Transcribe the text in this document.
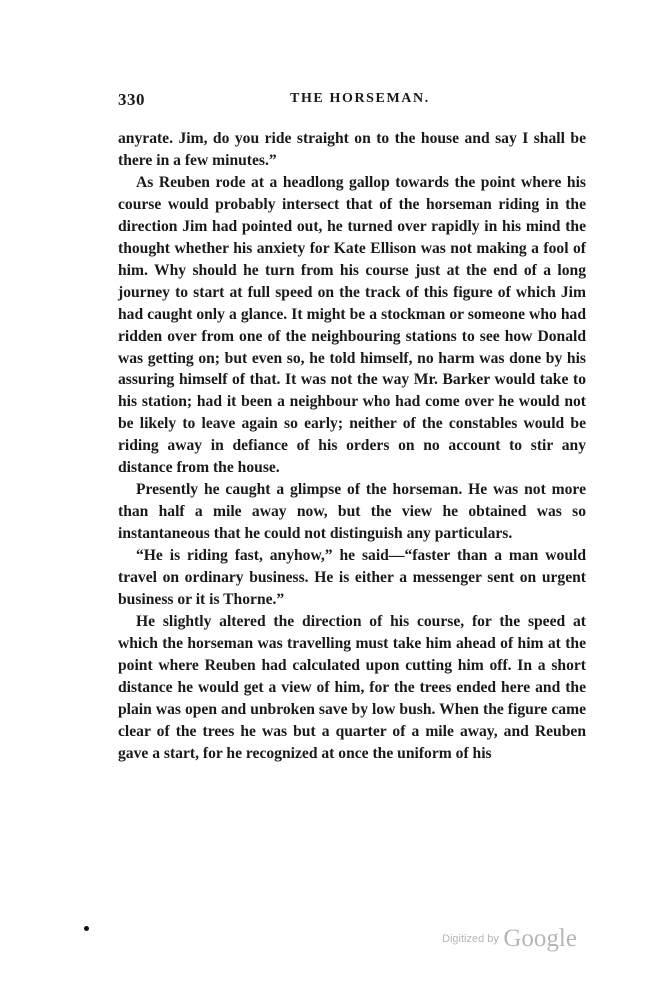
330	THE HORSEMAN.

anyrate. Jim, do you ride straight on to the house and say I shall be there in a few minutes.”

As Reuben rode at a headlong gallop towards the point where his course would probably intersect that of the horseman riding in the direction Jim had pointed out, he turned over rapidly in his mind the thought whether his anxiety for Kate Ellison was not making a fool of him. Why should he turn from his course just at the end of a long journey to start at full speed on the track of this figure of which Jim had caught only a glance. It might be a stockman or someone who had ridden over from one of the neighbouring stations to see how Donald was getting on; but even so, he told himself, no harm was done by his assuring himself of that. It was not the way Mr. Barker would take to his station; had it been a neighbour who had come over he would not be likely to leave again so early; neither of the constables would be riding away in defiance of his orders on no account to stir any distance from the house.

Presently he caught a glimpse of the horseman. He was not more than half a mile away now, but the view he obtained was so instantaneous that he could not distinguish any particulars.

“He is riding fast, anyhow,” he said—“faster than a man would travel on ordinary business. He is either a messenger sent on urgent business or it is Thorne.”

He slightly altered the direction of his course, for the speed at which the horseman was travelling must take him ahead of him at the point where Reuben had calculated upon cutting him off. In a short distance he would get a view of him, for the trees ended here and the plain was open and unbroken save by low bush. When the figure came clear of the trees he was but a quarter of a mile away, and Reuben gave a start, for he recognized at once the uniform of his

Digitized by Google
